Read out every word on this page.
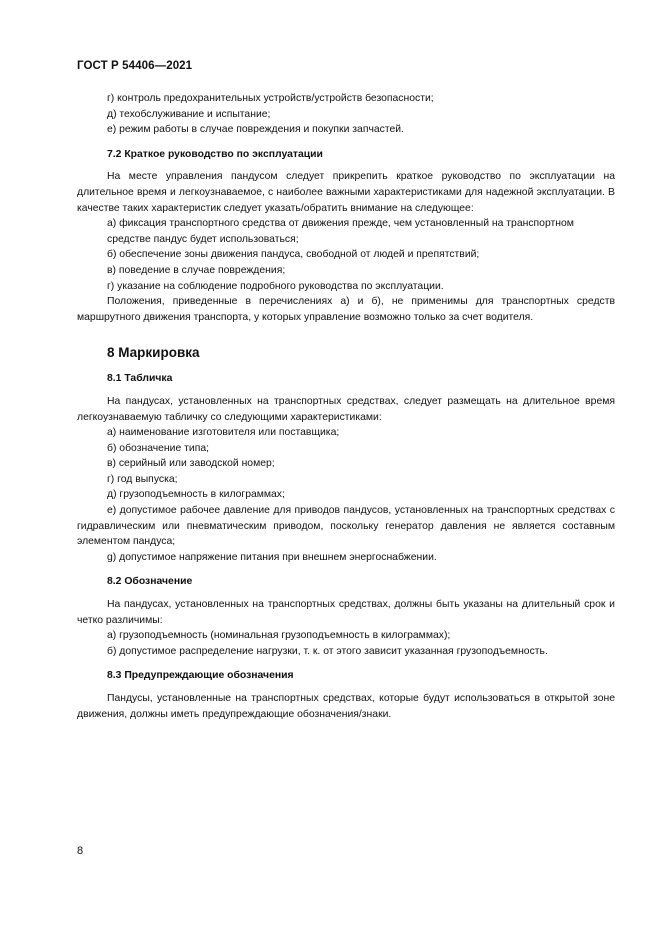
ГОСТ Р 54406—2021

г) контроль предохранительных устройств/устройств безопасности;

д) техобслуживание и испытание;

е) режим работы в случае повреждения и покупки запчастей.

7.2 Краткое руководство по эксплуатации

На месте управления пандусом следует прикрепить краткое руководство по эксплуатации на длительное время и легкоузнаваемое, с наиболее важными характеристиками для надежной эксплуатации. В качестве таких характеристик следует указать/обратить внимание на следующее:

а) фиксация транспортного средства от движения прежде, чем установленный на транспортном средстве пандус будет использоваться;

б) обеспечение зоны движения пандуса, свободной от людей и препятствий;

в) поведение в случае повреждения;

г) указание на соблюдение подробного руководства по эксплуатации.

Положения, приведенные в перечислениях а) и б), не применимы для транспортных средств маршрутного движения транспорта, у которых управление возможно только за счет водителя.

8 Маркировка
8.1 Табличка

На пандусах, установленных на транспортных средствах, следует размещать на длительное время легкоузнаваемую табличку со следующими характеристиками:

а) наименование изготовителя или поставщика;

б) обозначение типа;

в) серийный или заводской номер;

г) год выпуска;

д) грузоподъемность в килограммах;

е) допустимое рабочее давление для приводов пандусов, установленных на транспортных средствах с гидравлическим или пневматическим приводом, поскольку генератор давления не является составным элементом пандуса;

g) допустимое напряжение питания при внешнем энергоснабжении.

8.2 Обозначение

На пандусах, установленных на транспортных средствах, должны быть указаны на длительный срок и четко различимы:

а) грузоподъемность (номинальная грузоподъемность в килограммах);

б) допустимое распределение нагрузки, т. к. от этого зависит указанная грузоподъемность.

8.3 Предупреждающие обозначения

Пандусы, установленные на транспортных средствах, которые будут использоваться в открытой зоне движения, должны иметь предупреждающие обозначения/знаки.

8
